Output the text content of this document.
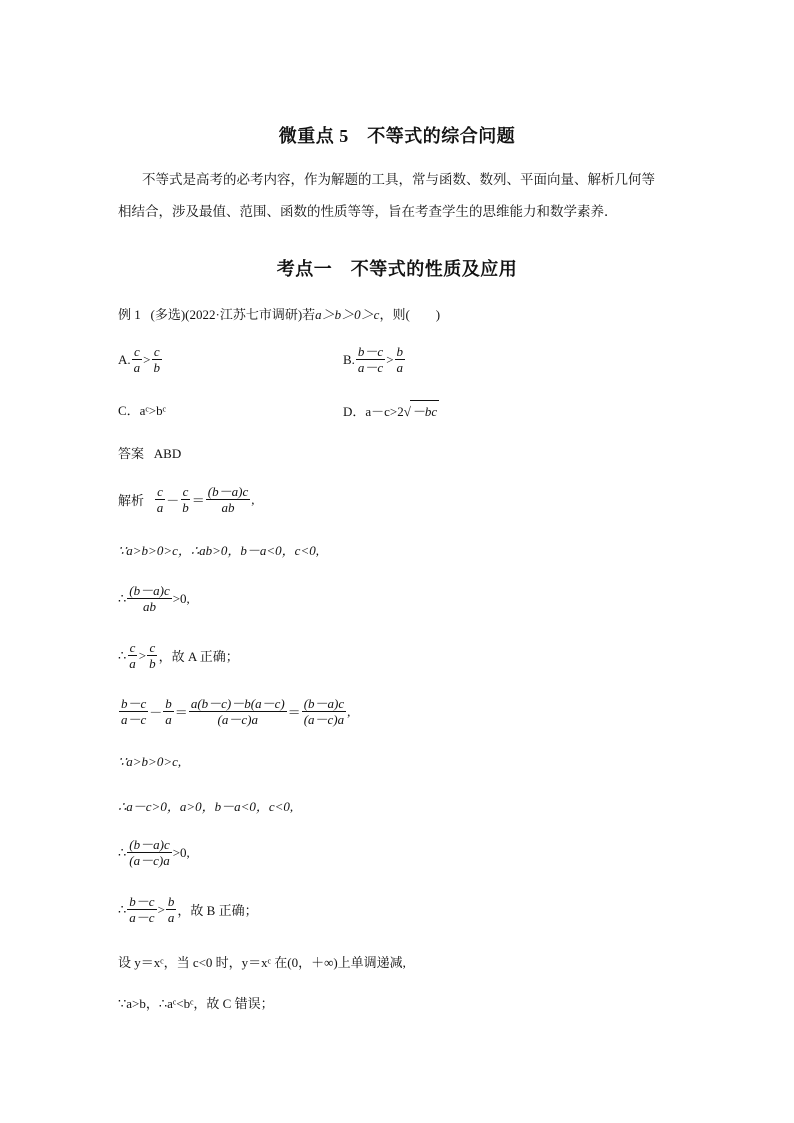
微重点 5　不等式的综合问题
不等式是高考的必考内容，作为解题的工具，常与函数、数列、平面向量、解析几何等
相结合，涉及最值、范围、函数的性质等等，旨在考查学生的思维能力和数学素养．
考点一　不等式的性质及应用
例 1 (多选)(2022·江苏七市调研)若a＞b＞0＞c，则(　　)
A. $\frac{c}{a} > \frac{c}{b}$	B. $\frac{b-c}{a-c} > \frac{b}{a}$
C．aᶜ>bᶜ	D．a－c>2√－bc
答案 ABD
解析
$\frac{c}{a} - \frac{c}{b} = \frac{(b-a)c}{ab}$ ,
∵a>b>0>c，∴ab>0，b－a<0，c<0,
∴ $\frac{(b-a)c}{ab} >0$,
∴ $\frac{c}{a} > \frac{c}{b}$ ，故 A 正确；
$\frac{b-c}{a-c} - \frac{b}{a} = \frac{a(b-c)-b(a-c)}{(a-c)a} = \frac{(b-a)c}{(a-c)a}$ ,
∵a>b>0>c,
∴a－c>0，a>0，b－a<0，c<0,
∴ $\frac{(b-a)c}{(a-c)a} >0$,
∴ $\frac{b-c}{a-c} > \frac{b}{a}$ ，故 B 正确；
设 y＝xᶜ，当 c<0 时，y＝xᶜ 在(0，＋∞)上单调递减,
∵a>b，∴aᶜ<bᶜ，故 C 错误；
